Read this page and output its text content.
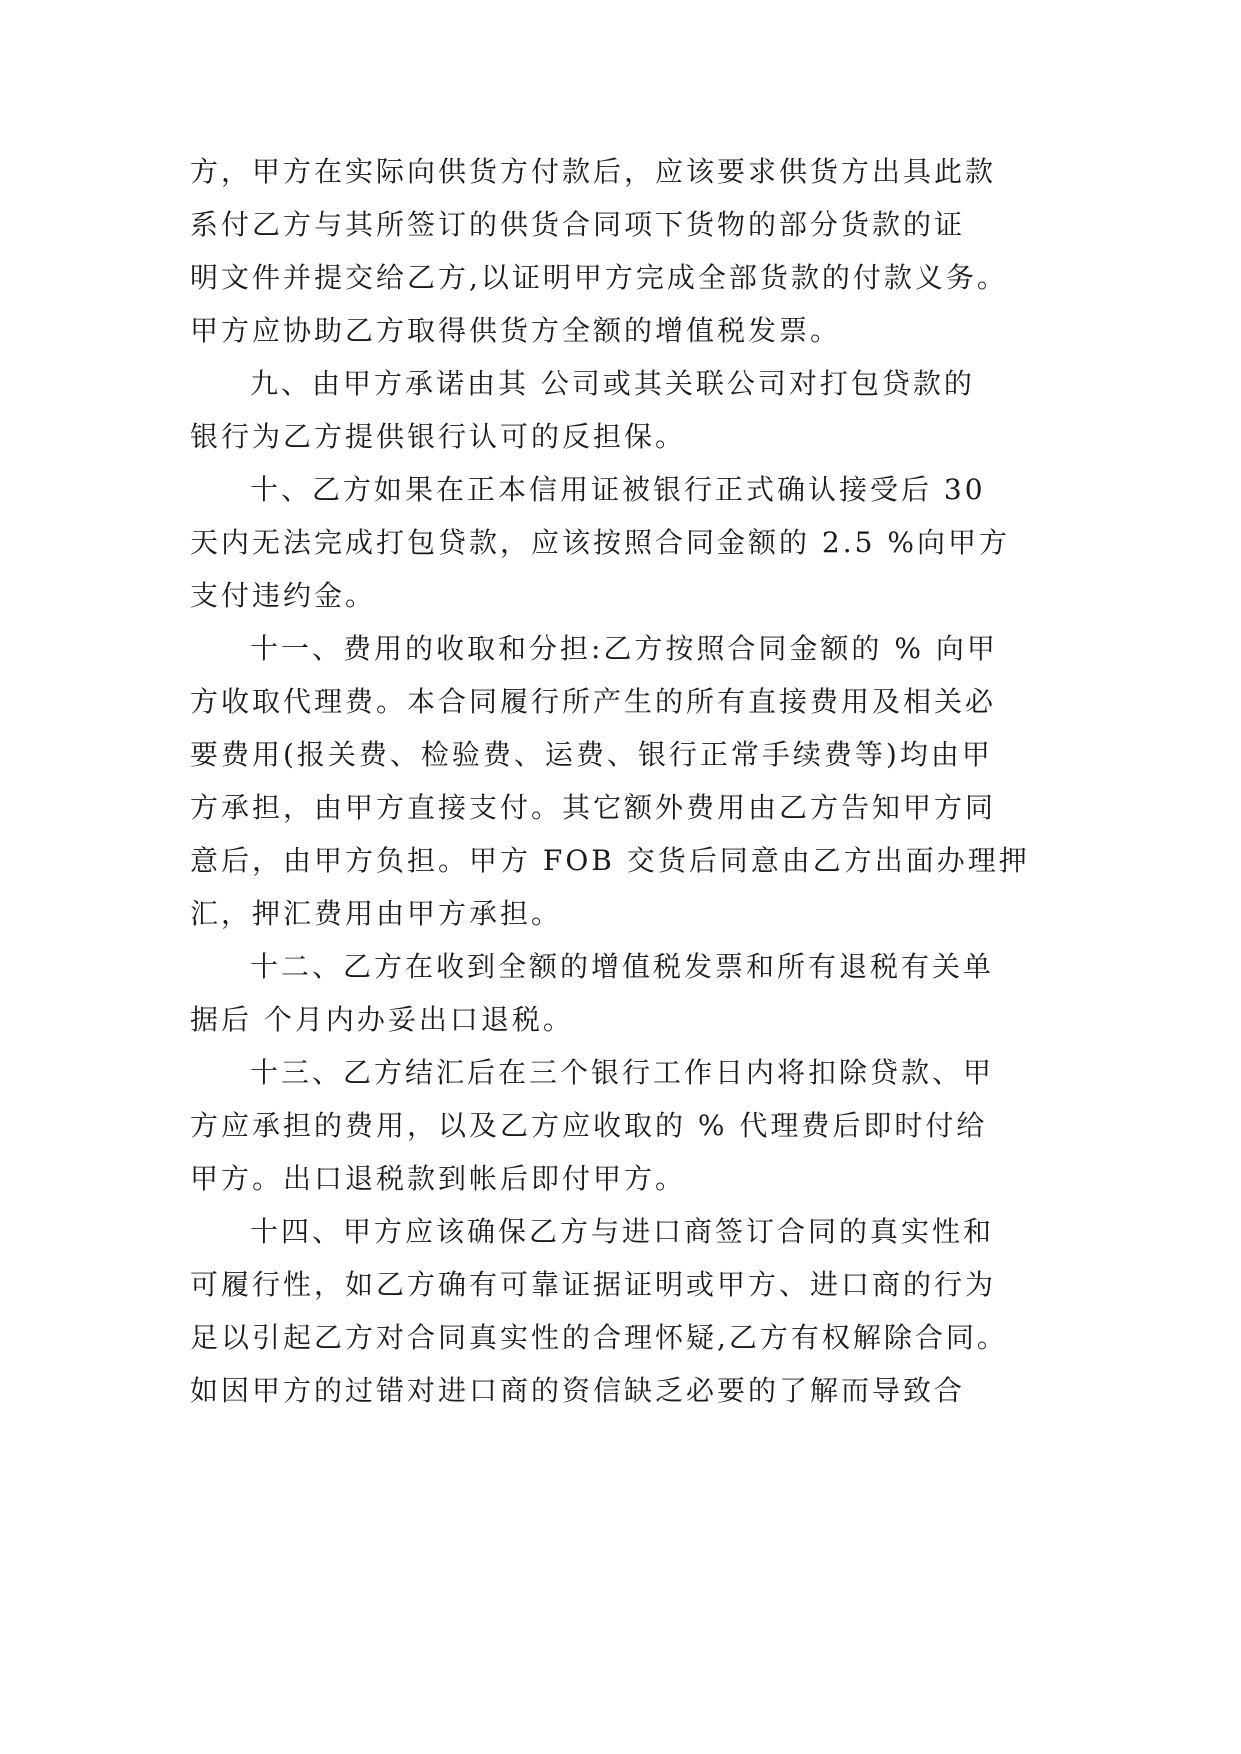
方，甲方在实际向供货方付款后，应该要求供货方出具此款
系付乙方与其所签订的供货合同项下货物的部分货款的证
明文件并提交给乙方,以证明甲方完成全部货款的付款义务。
甲方应协助乙方取得供货方全额的增值税发票。
九、由甲方承诺由其 公司或其关联公司对打包贷款的
银行为乙方提供银行认可的反担保。
十、乙方如果在正本信用证被银行正式确认接受后 30
天内无法完成打包贷款，应该按照合同金额的 2.5 %向甲方
支付违约金。
十一、费用的收取和分担:乙方按照合同金额的 % 向甲
方收取代理费。本合同履行所产生的所有直接费用及相关必
要费用(报关费、检验费、运费、银行正常手续费等)均由甲
方承担，由甲方直接支付。其它额外费用由乙方告知甲方同
意后，由甲方负担。甲方 FOB 交货后同意由乙方出面办理押
汇，押汇费用由甲方承担。
十二、乙方在收到全额的增值税发票和所有退税有关单
据后 个月内办妥出口退税。
十三、乙方结汇后在三个银行工作日内将扣除贷款、甲
方应承担的费用，以及乙方应收取的 % 代理费后即时付给
甲方。出口退税款到帐后即付甲方。
十四、甲方应该确保乙方与进口商签订合同的真实性和
可履行性，如乙方确有可靠证据证明或甲方、进口商的行为
足以引起乙方对合同真实性的合理怀疑,乙方有权解除合同。
如因甲方的过错对进口商的资信缺乏必要的了解而导致合
